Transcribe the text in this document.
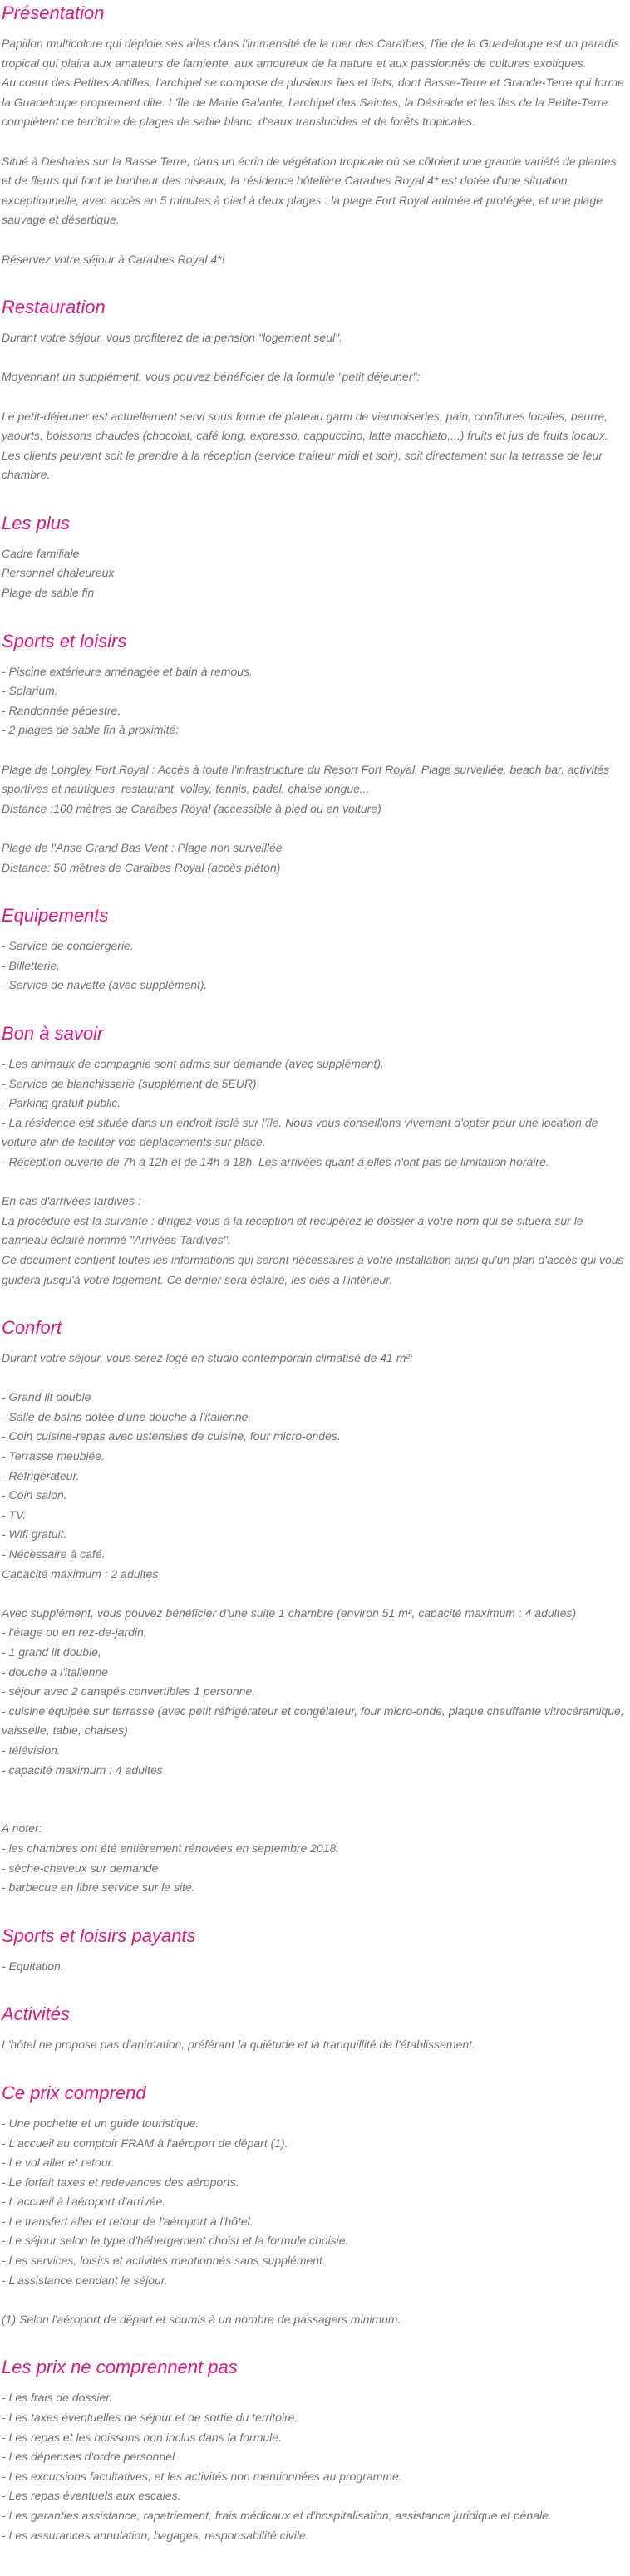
Présentation
Papillon multicolore qui déploie ses ailes dans l'immensité de la mer des Caraïbes, l'île de la Guadeloupe est un paradis tropical qui plaira aux amateurs de farniente, aux amoureux de la nature et aux passionnés de cultures exotiques.
Au coeur des Petites Antilles, l'archipel se compose de plusieurs îles et ilets, dont Basse-Terre et Grande-Terre qui forme la Guadeloupe proprement dite. L'île de Marie Galante, l'archipel des Saintes, la Désirade et les îles de la Petite-Terre complètent ce territoire de plages de sable blanc, d'eaux translucides et de forêts tropicales.
Situé à Deshaies sur la Basse Terre, dans un écrin de végétation tropicale où se côtoient une grande variété de plantes et de fleurs qui font le bonheur des oiseaux, la résidence hôtelière Caraibes Royal 4* est dotée d'une situation exceptionnelle, avec accès en 5 minutes à pied à deux plages : la plage Fort Royal animée et protégée, et une plage sauvage et désertique.
Réservez votre séjour à Caraibes Royal 4*!
Restauration
Durant votre séjour, vous profiterez de la pension "logement seul".
Moyennant un supplément, vous pouvez bénéficier de la formule "petit déjeuner":
Le petit-déjeuner est actuellement servi sous forme de plateau garni de viennoiseries, pain, confitures locales, beurre, yaourts, boissons chaudes (chocolat, café long, expresso, cappuccino, latte macchiato,...) fruits et jus de fruits locaux. Les clients peuvent soit le prendre à la réception (service traiteur midi et soir), soit directement sur la terrasse de leur chambre.
Les plus
Cadre familiale
Personnel chaleureux
Plage de sable fin
Sports et loisirs
- Piscine extérieure aménagée et bain à remous.
- Solarium.
- Randonnée pédestre.
- 2 plages de sable fin à proximité:
Plage de Longley Fort Royal : Accès à toute l'infrastructure du Resort Fort Royal. Plage surveillée, beach bar, activités sportives et nautiques, restaurant, volley, tennis, padel, chaise longue...
Distance :100 mètres de Caraibes Royal (accessible à pied ou en voiture)
Plage de l'Anse Grand Bas Vent : Plage non surveillée
Distance: 50 mètres de Caraibes Royal (accès piéton)
Equipements
- Service de conciergerie.
- Billetterie.
- Service de navette (avec supplément).
Bon à savoir
- Les animaux de compagnie sont admis sur demande (avec supplément).
- Service de blanchisserie (supplément de 5EUR)
- Parking gratuit public.
- La résidence est située dans un endroit isolé sur l'île. Nous vous conseillons vivement d'opter pour une location de voiture afin de faciliter vos déplacements sur place.
- Réception ouverte de 7h à 12h et de 14h à 18h. Les arrivées quant à elles n'ont pas de limitation horaire.
En cas d'arrivées tardives :
La procédure est la suivante : dirigez-vous à la réception et récupérez le dossier à votre nom qui se situera sur le panneau éclairé nommé "Arrivées Tardives".
Ce document contient toutes les informations qui seront nécessaires à votre installation ainsi qu'un plan d'accès qui vous guidera jusqu'à votre logement. Ce dernier sera éclairé, les clés à l'intérieur.
Confort
Durant votre séjour, vous serez logé en studio contemporain climatisé de 41 m²:
- Grand lit double
- Salle de bains dotée d'une douche à l'italienne.
- Coin cuisine-repas avec ustensiles de cuisine, four micro-ondes.
- Terrasse meublée.
- Réfrigérateur.
- Coin salon.
- TV.
- Wifi gratuit.
- Nécessaire à café.
Capacité maximum : 2 adultes
Avec supplément, vous pouvez bénéficier d'une suite 1 chambre (environ 51 m², capacité maximum : 4 adultes)
- l'étage ou en rez-de-jardin,
- 1 grand lit double,
- douche a l'italienne
- séjour avec 2 canapés convertibles 1 personne,
- cuisine équipée sur terrasse (avec petit réfrigérateur et congélateur, four micro-onde, plaque chauffante vitrocéramique, vaisselle, table, chaises)
- télévision.
- capacité maximum : 4 adultes
A noter:
- les chambres ont été entièrement rénovées en septembre 2018.
- sèche-cheveux sur demande
- barbecue en libre service sur le site.
Sports et loisirs payants
- Equitation.
Activités
L'hôtel ne propose pas d'animation, préférant la quiétude et la tranquillité de l'établissement.
Ce prix comprend
- Une pochette et un guide touristique.
- L'accueil au comptoir FRAM à l'aéroport de départ (1).
- Le vol aller et retour.
- Le forfait taxes et redevances des aéroports.
- L'accueil à l'aéroport d'arrivée.
- Le transfert aller et retour de l'aéroport à l'hôtel.
- Le séjour selon le type d'hébergement choisi et la formule choisie.
- Les services, loisirs et activités mentionnés sans supplément.
- L'assistance pendant le séjour.
(1) Selon l'aéroport de départ et soumis à un nombre de passagers minimum.
Les prix ne comprennent pas
- Les frais de dossier.
- Les taxes éventuelles de séjour et de sortie du territoire.
- Les repas et les boissons non inclus dans la formule.
- Les dépenses d'ordre personnel
- Les excursions facultatives, et les activités non mentionnées au programme.
- Les repas éventuels aux escales.
- Les garanties assistance, rapatriement, frais médicaux et d'hospitalisation, assistance juridique et pénale.
- Les assurances annulation, bagages, responsabilité civile.
